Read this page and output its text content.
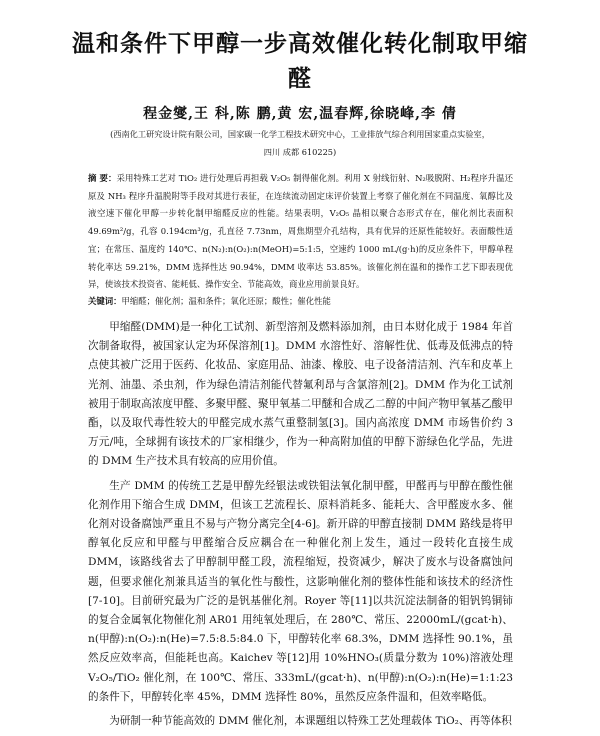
温和条件下甲醇一步高效催化转化制取甲缩醛
程金燮,王 科,陈 鹏,黄 宏,温春辉,徐晓峰,李 倩
(西南化工研究设计院有限公司，国家碳一化学工程技术研究中心，工业排放气综合利用国家重点实验室，
四川 成都 610225)
摘 要：采用特殊工艺对 TiO₂ 进行处理后再担载 V₂O₅ 制得催化剂。利用 X 射线衍射、N₂吸脱附、H₂程序升温还原及 NH₃ 程序升温脱附等手段对其进行表征，在连续流动固定床评价装置上考察了催化剂在不同温度、氧醇比及液空速下催化甲醇一步转化制甲缩醛反应的性能。结果表明，V₂O₅ 晶相以聚合态形式存在，催化剂比表面积 49.69m²/g，孔容 0.194cm³/g，孔直径 7.73nm，周焦期型介孔结构，具有优异的还原性能较好。表面酸性适宜；在常压、温度约 140℃、n(N₂):n(O₂):n(MeOH)=5:1:5，空速约 1000 mL/(g·h)的反应条件下，甲醇单程转化率达 59.21%，DMM 选择性达 90.94%，DMM 收率达 53.85%。该催化剂在温和的操作工艺下即表现优异，使该技术投资省、能耗低、操作安全、节能高效，商业应用前景良好。
关键词：甲缩醛；催化剂；温和条件；氧化还原；酸性；催化性能

甲缩醛(DMM)是一种化工试剂、新型溶剂及燃料添加剂，由日本财化成于 1984 年首次制备取得，被国家认定为环保溶剂[1]。DMM 水溶性好、溶解性优、低毒及低沸点的特点使其被广泛用于医药、化妆品、家庭用品、油漆、橡胶、电子设备清洁剂、汽车和皮革上光剂、油墨、杀虫剂，作为绿色清洁剂能代替氟利昂与含氯溶剂[2]。DMM 作为化工试剂被用于制取高浓度甲醛、多聚甲醛、聚甲氧基二甲醚和合成乙二醇的中间产物甲氧基乙酸甲酯，以及取代毒性较大的甲醛完成水蒸气重整制氢[3]。国内高浓度 DMM 市场售价约 3 万元/吨，全球拥有该技术的厂家相继少，作为一种高附加值的甲醇下游绿色化学品，先进的 DMM 生产技术具有较高的应用价值。

生产 DMM 的传统工艺是甲醇先经银法或铁钼法氧化制甲醛，甲醛再与甲醇在酸性催化剂作用下缩合生成 DMM，但该工艺流程长、原料消耗多、能耗大、含甲醛废水多、催化剂对设备腐蚀严重且不易与产物分离完全[4-6]。新开辟的甲醇直接制 DMM 路线是将甲醇氧化反应和甲醛与甲醛缩合反应耦合在一种催化剂上发生，通过一段转化直接生成 DMM，该路线省去了甲醇制甲醛工段，流程缩短，投资减少，解决了废水与设备腐蚀问题，但要求催化剂兼具适当的氧化性与酸性，这影响催化剂的整体性能和该技术的经济性[7-10]。目前研究最为广泛的是钒基催化剂。Royer 等[11]以共沉淀法制备的钼钒钨铜铈的复合金属氧化物催化剂 AR01 用纯氧处理后，在 280℃、常压、22000mL/(gcat·h)、n(甲醇):n(O₂):n(He)=7.5:8.5:84.0 下，甲醇转化率 68.3%，DMM 选择性 90.1%，虽然反应效率高，但能耗也高。Kaichev 等[12]用 10%HNO₃(质量分数为 10%)溶液处理 V₂O₅/TiO₂ 催化剂，在 100℃、常压、333mL/(gcat·h)、n(甲醇):n(O₂):n(He)=1:1:23 的条件下，甲醇转化率 45%，DMM 选择性 80%，虽然反应条件温和，但效率略低。

为研制一种节能高效的 DMM 催化剂，本课题组以特殊工艺处理载体 TiO₂、再等体积
